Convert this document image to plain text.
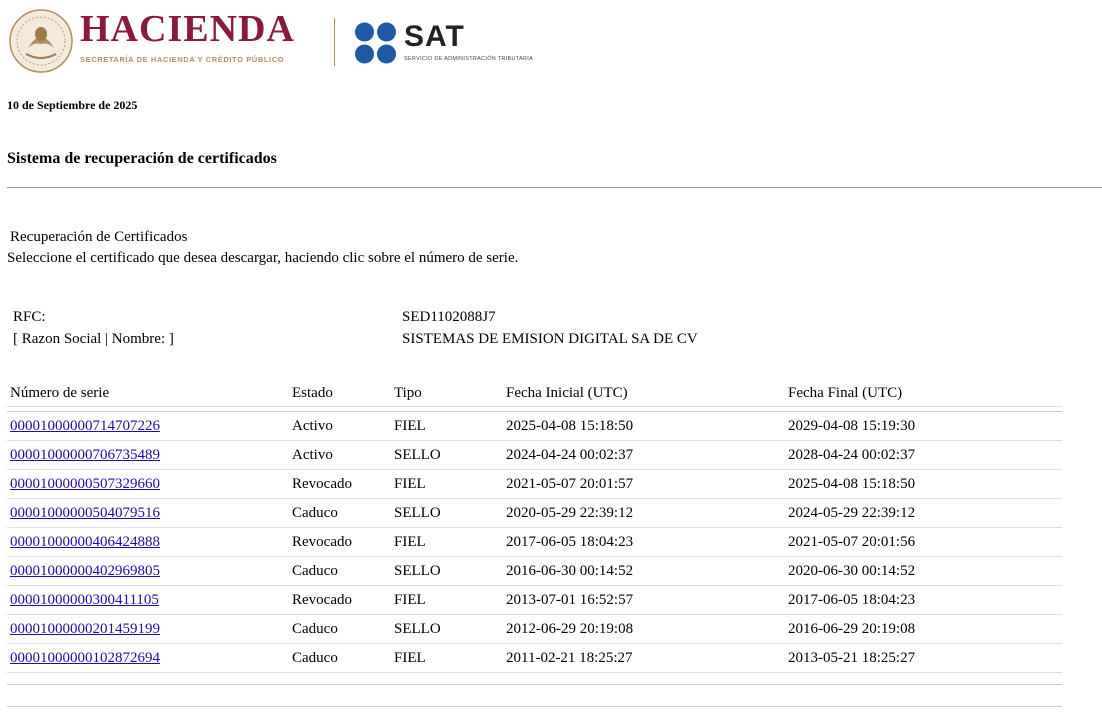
HACIENDA
SECRETARÍA DE HACIENDA Y CRÉDITO PÚBLICO
SAT
SERVICIO DE ADMINISTRACIÓN TRIBUTARIA
10 de Septiembre de 2025
Sistema de recuperación de certificados
Recuperación de Certificados
Seleccione el certificado que desea descargar, haciendo clic sobre el número de serie.
RFC:	SED1102088J7
[ Razon Social | Nombre: ]	SISTEMAS DE EMISION DIGITAL SA DE CV
Número de serie	Estado	Tipo	Fecha Inicial (UTC)	Fecha Final (UTC)

00001000000714707226	Activo	FIEL	2025-04-08 15:18:50	2029-04-08 15:19:30
00001000000706735489	Activo	SELLO	2024-04-24 00:02:37	2028-04-24 00:02:37
00001000000507329660	Revocado	FIEL	2021-05-07 20:01:57	2025-04-08 15:18:50
00001000000504079516	Caduco	SELLO	2020-05-29 22:39:12	2024-05-29 22:39:12
00001000000406424888	Revocado	FIEL	2017-06-05 18:04:23	2021-05-07 20:01:56
00001000000402969805	Caduco	SELLO	2016-06-30 00:14:52	2020-06-30 00:14:52
00001000000300411105	Revocado	FIEL	2013-07-01 16:52:57	2017-06-05 18:04:23
00001000000201459199	Caduco	SELLO	2012-06-29 20:19:08	2016-06-29 20:19:08
00001000000102872694	Caduco	FIEL	2011-02-21 18:25:27	2013-05-21 18:25:27
